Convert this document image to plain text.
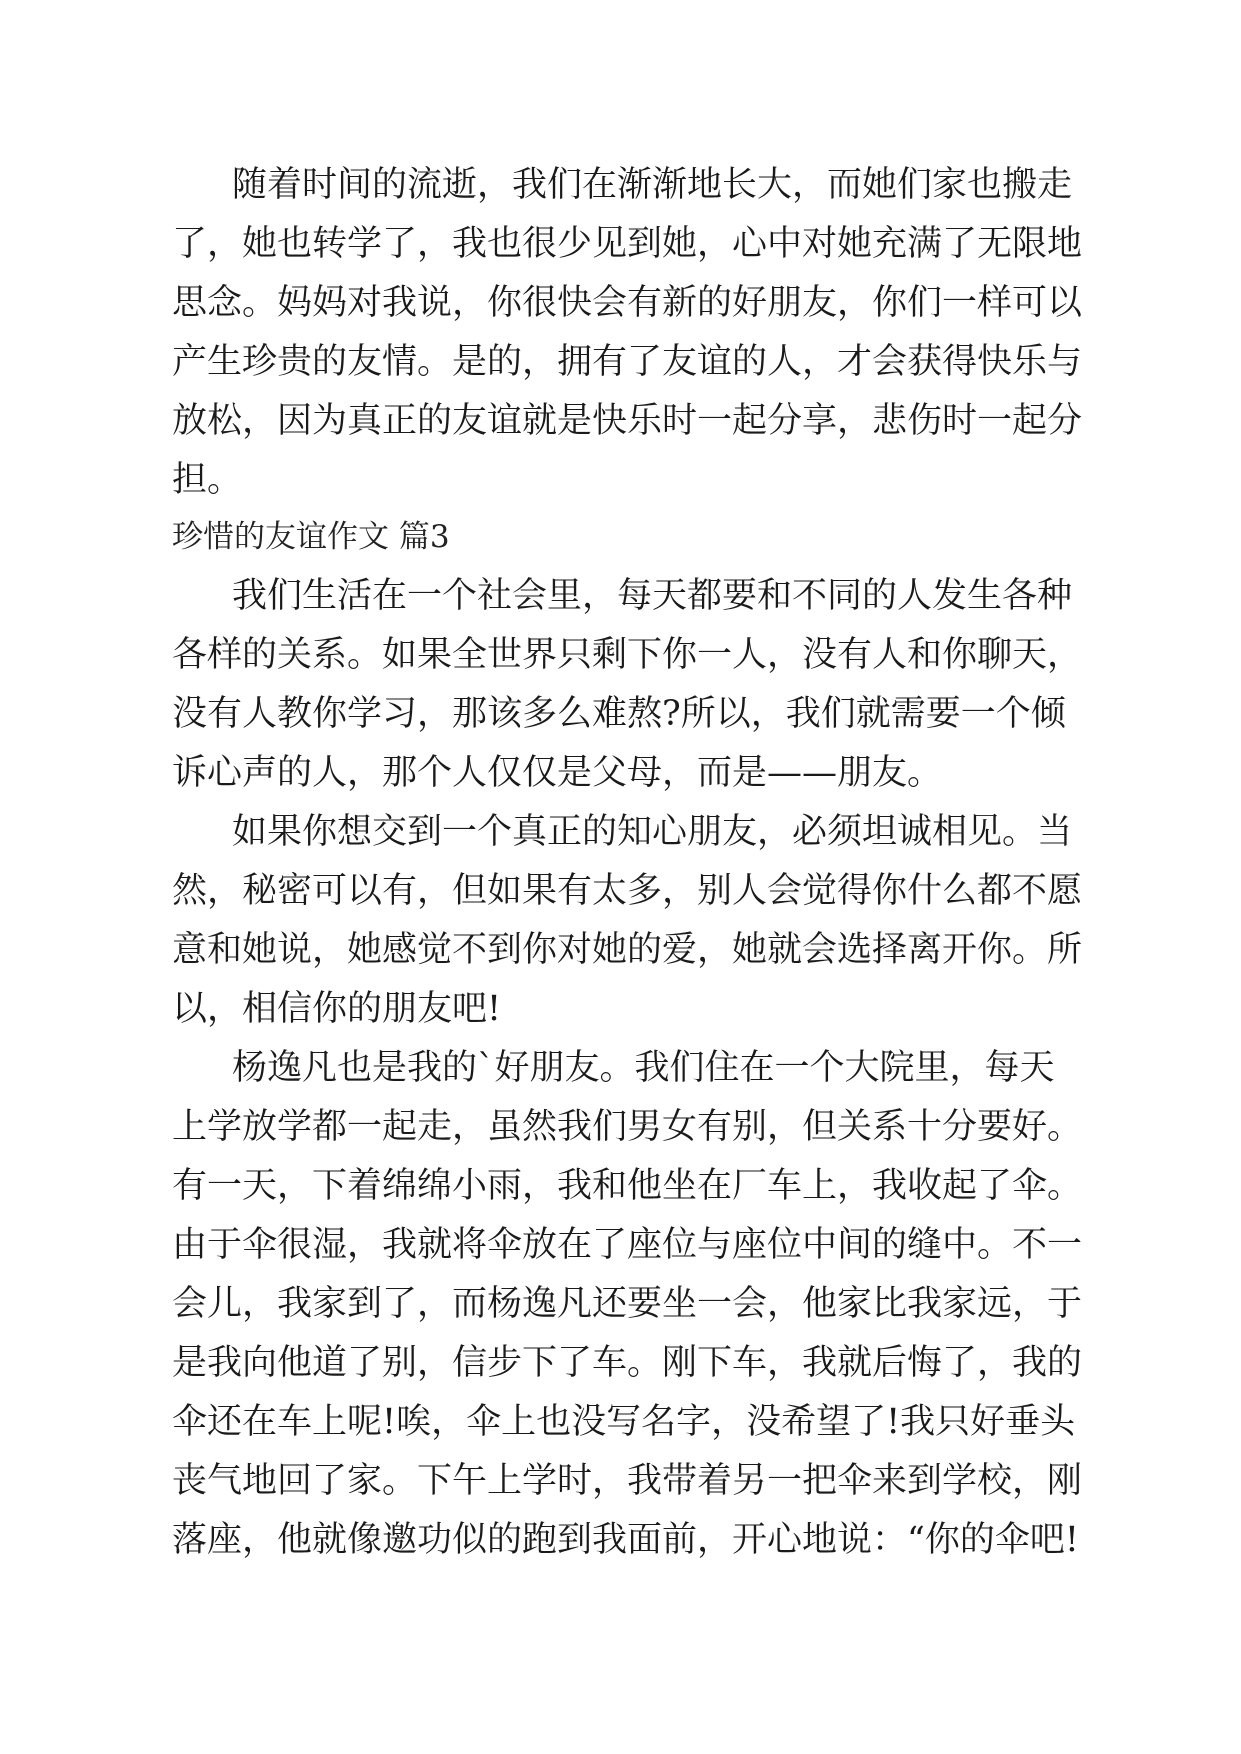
随着时间的流逝，我们在渐渐地长大，而她们家也搬走
了，她也转学了，我也很少见到她，心中对她充满了无限地
思念。妈妈对我说，你很快会有新的好朋友，你们一样可以
产生珍贵的友情。是的，拥有了友谊的人，才会获得快乐与
放松，因为真正的友谊就是快乐时一起分享，悲伤时一起分
担。
珍惜的友谊作文 篇3
我们生活在一个社会里，每天都要和不同的人发生各种
各样的关系。如果全世界只剩下你一人，没有人和你聊天，
没有人教你学习，那该多么难熬?所以，我们就需要一个倾
诉心声的人，那个人仅仅是父母，而是——朋友。
如果你想交到一个真正的知心朋友，必须坦诚相见。当
然，秘密可以有，但如果有太多，别人会觉得你什么都不愿
意和她说，她感觉不到你对她的爱，她就会选择离开你。所
以，相信你的朋友吧!
杨逸凡也是我的`好朋友。我们住在一个大院里，每天
上学放学都一起走，虽然我们男女有别，但关系十分要好。
有一天，下着绵绵小雨，我和他坐在厂车上，我收起了伞。
由于伞很湿，我就将伞放在了座位与座位中间的缝中。不一
会儿，我家到了，而杨逸凡还要坐一会，他家比我家远，于
是我向他道了别，信步下了车。刚下车，我就后悔了，我的
伞还在车上呢!唉，伞上也没写名字，没希望了!我只好垂头
丧气地回了家。下午上学时，我带着另一把伞来到学校，刚
落座，他就像邀功似的跑到我面前，开心地说：“你的伞吧!
